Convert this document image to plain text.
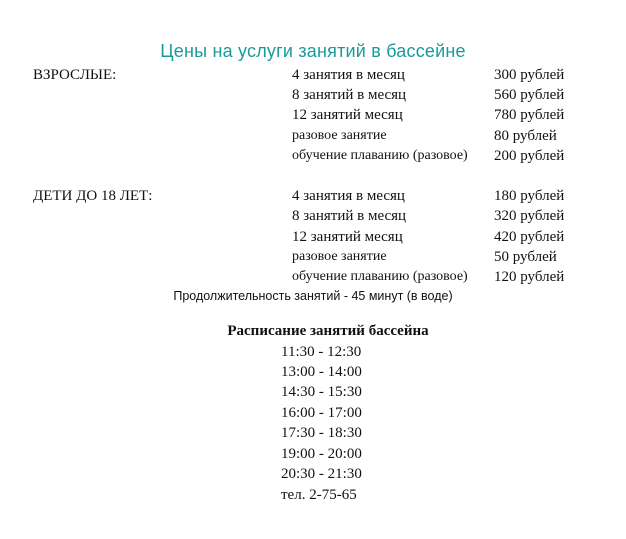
Цены на услуги занятий в бассейне
ВЗРОСЛЫЕ:	4 занятия в месяц	300 рублей
8 занятий в месяц	560 рублей
12 занятий месяц	780 рублей
разовое занятие	80 рублей
обучение плаванию (разовое) 200 рублей
ДЕТИ ДО 18 ЛЕТ:	4 занятия в месяц	180 рублей
8 занятий в месяц	320 рублей
12 занятий месяц	420 рублей
разовое занятие	50 рублей
обучение плаванию (разовое) 120 рублей
Продолжительность занятий - 45 минут (в воде)
Расписание занятий бассейна
11:30 - 12:30
13:00 - 14:00
14:30 - 15:30
16:00 - 17:00
17:30 - 18:30
19:00 - 20:00
20:30 - 21:30
тел. 2-75-65
